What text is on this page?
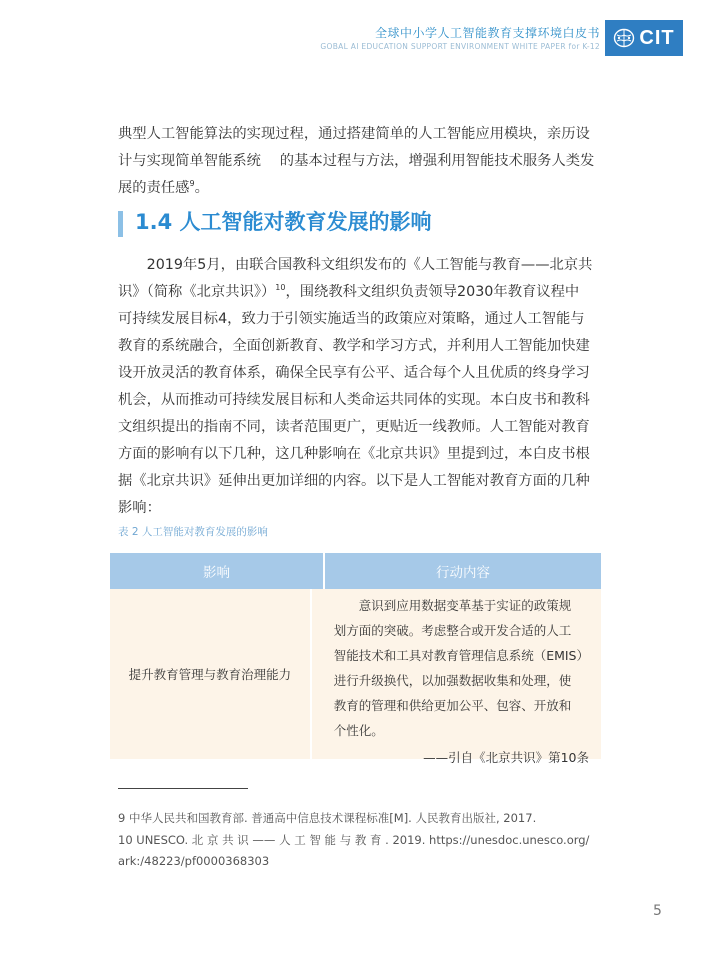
全球中小学人工智能教育支撑环境白皮书
GOBAL AI EDUCATION SUPPORT ENVIRONMENT WHITE PAPER for K-12 CIT
典型人工智能算法的实现过程，通过搭建简单的人工智能应用模块，亲历设
计与实现简单智能系统　 的基本过程与方法，增强利用智能技术服务人类发
展的责任感$^9$。
1.4 人工智能对教育发展的影响
　　2019年5月，由联合国教科文组织发布的《人工智能与教育——北京共
识》（简称《北京共识》）$^{10}$，围绕教科文组织负责领导2030年教育议程中
可持续发展目标4，致力于引领实施适当的政策应对策略，通过人工智能与
教育的系统融合，全面创新教育、教学和学习方式，并利用人工智能加快建
设开放灵活的教育体系，确保全民享有公平、适合每个人且优质的终身学习
机会，从而推动可持续发展目标和人类命运共同体的实现。本白皮书和教科
文组织提出的指南不同，读者范围更广，更贴近一线教师。人工智能对教育
方面的影响有以下几种，这几种影响在《北京共识》里提到过，本白皮书根
据《北京共识》延伸出更加详细的内容。以下是人工智能对教育方面的几种
影响：
表 2 人工智能对教育发展的影响
影响	行动内容
提升教育管理与教育治理能力
　　意识到应用数据变革基于实证的政策规
划方面的突破。考虑整合或开发合适的人工
智能技术和工具对教育管理信息系统（EMIS）
进行升级换代，以加强数据收集和处理，使
教育的管理和供给更加公平、包容、开放和
个性化。
——引自《北京共识》第10条
9 中华人民共和国教育部. 普通高中信息技术课程标准[M]. 人民教育出版社, 2017.
10 UNESCO. 北 京 共 识 —— 人 工 智 能 与 教 育 . 2019. https://unesdoc.unesco.org/
ark:/48223/pf0000368303
5
